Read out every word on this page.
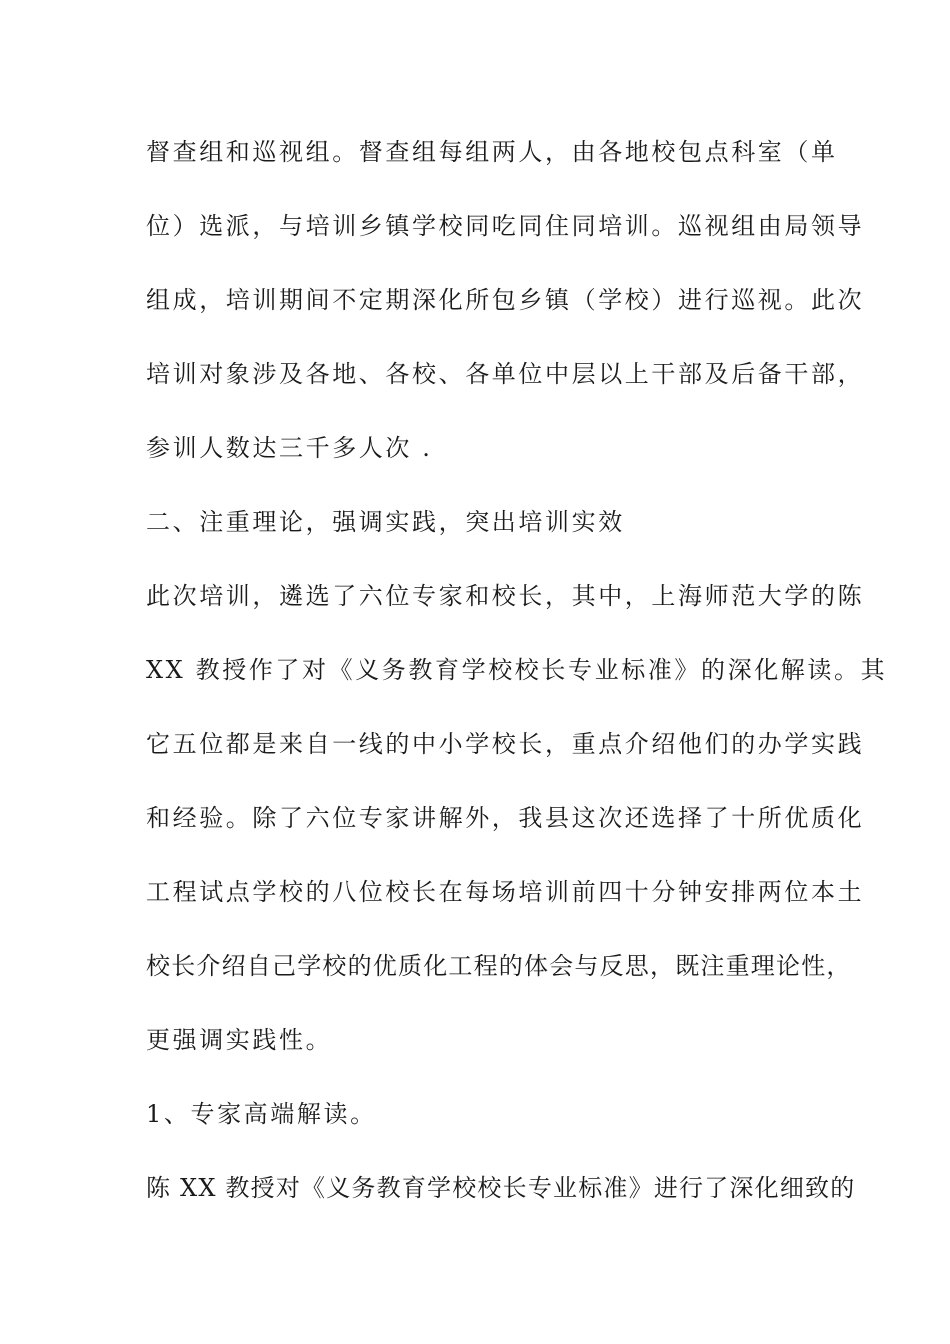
督查组和巡视组。督查组每组两人，由各地校包点科室（单
位）选派，与培训乡镇学校同吃同住同培训。巡视组由局领导
组成，培训期间不定期深化所包乡镇（学校）进行巡视。此次
培训对象涉及各地、各校、各单位中层以上干部及后备干部，
参训人数达三千多人次 .
二、注重理论，强调实践，突出培训实效
此次培训，遴选了六位专家和校长，其中，上海师范大学的陈
XX 教授作了对《义务教育学校校长专业标准》的深化解读。其
它五位都是来自一线的中小学校长，重点介绍他们的办学实践
和经验。除了六位专家讲解外，我县这次还选择了十所优质化
工程试点学校的八位校长在每场培训前四十分钟安排两位本土
校长介绍自己学校的优质化工程的体会与反思，既注重理论性，
更强调实践性。
1、专家高端解读。
陈 XX 教授对《义务教育学校校长专业标准》进行了深化细致的
